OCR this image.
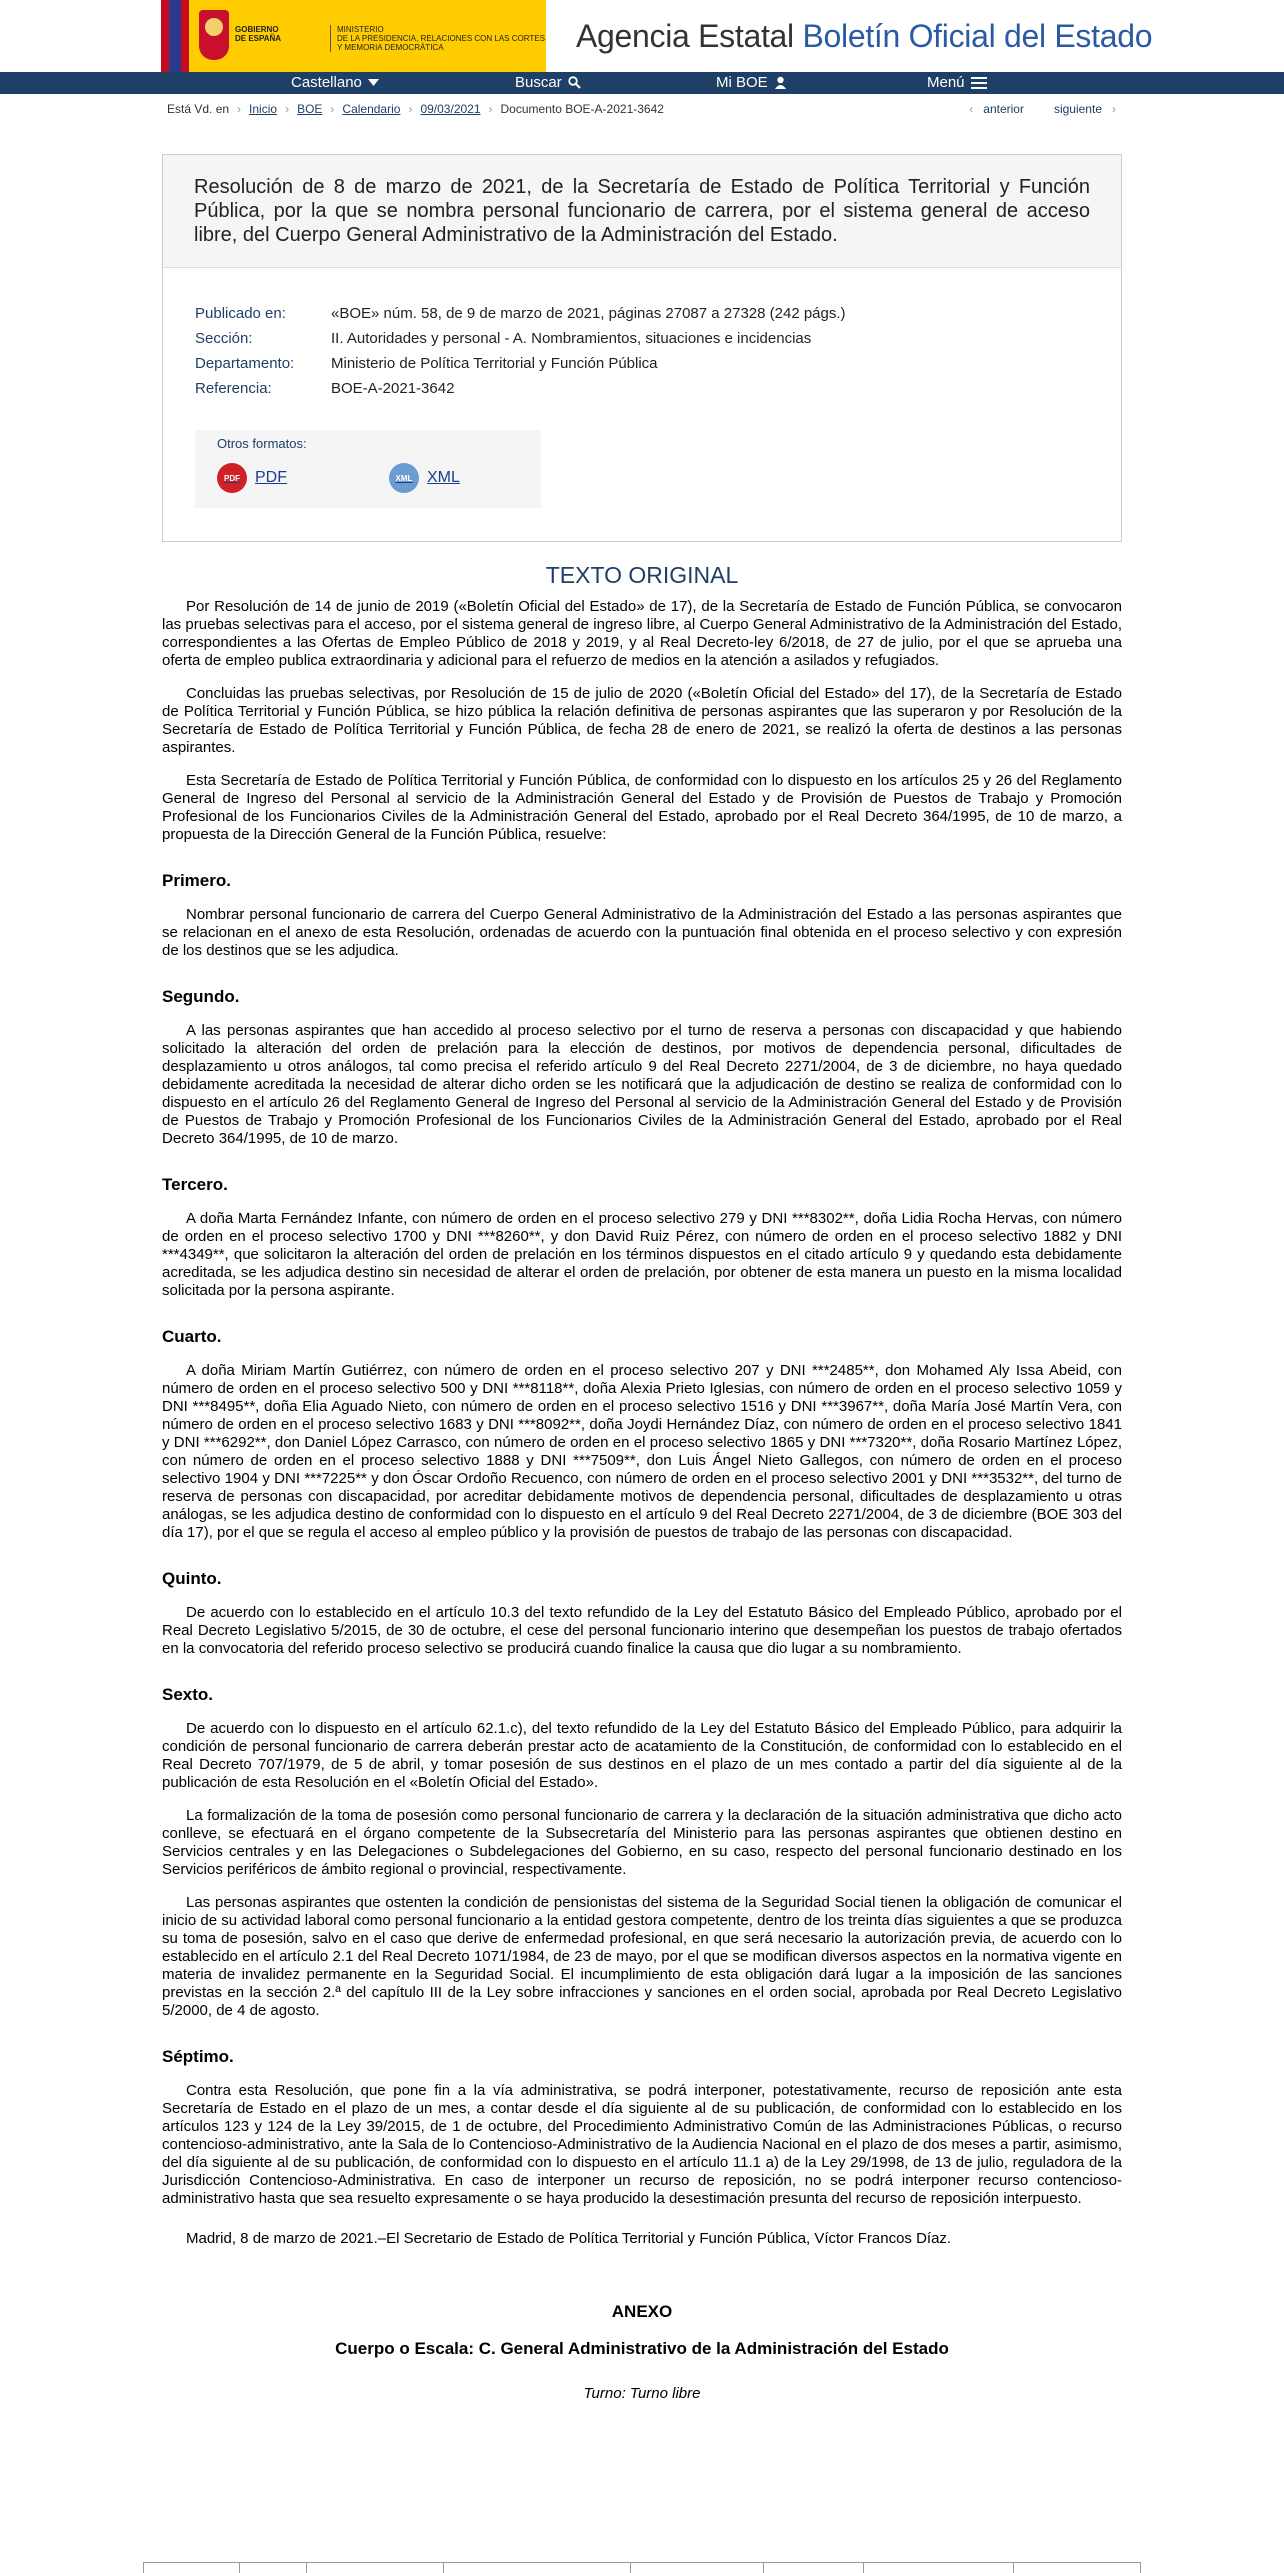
GOBIERNO
DE ESPAÑA
MINISTERIO
DE LA PRESIDENCIA, RELACIONES CON LAS CORTES
Y MEMORIA DEMOCRÁTICA	Agencia Estatal Boletín Oficial del Estado
Castellano	Buscar	Mi BOE	Menú
Está Vd. en › Inicio › BOE › Calendario › 09/03/2021 › Documento BOE-A-2021-3642	‹ anterior	siguiente ›
Resolución de 8 de marzo de 2021, de la Secretaría de Estado de Política Territorial y Función Pública, por la que se nombra personal funcionario de carrera, por el sistema general de acceso libre, del Cuerpo General Administrativo de la Administración del Estado.
Publicado en:	«BOE» núm. 58, de 9 de marzo de 2021, páginas 27087 a 27328 (242 págs.)
Sección:	II. Autoridades y personal - A. Nombramientos, situaciones e incidencias
Departamento:	Ministerio de Política Territorial y Función Pública
Referencia:	BOE-A-2021-3642
Otros formatos:
PDF PDF	XML XML
TEXTO ORIGINAL

Por Resolución de 14 de junio de 2019 («Boletín Oficial del Estado» de 17), de la Secretaría de Estado de Función Pública, se convocaron las pruebas selectivas para el acceso, por el sistema general de ingreso libre, al Cuerpo General Administrativo de la Administración del Estado, correspondientes a las Ofertas de Empleo Público de 2018 y 2019, y al Real Decreto-ley 6/2018, de 27 de julio, por el que se aprueba una oferta de empleo publica extraordinaria y adicional para el refuerzo de medios en la atención a asilados y refugiados.

Concluidas las pruebas selectivas, por Resolución de 15 de julio de 2020 («Boletín Oficial del Estado» del 17), de la Secretaría de Estado de Política Territorial y Función Pública, se hizo pública la relación definitiva de personas aspirantes que las superaron y por Resolución de la Secretaría de Estado de Política Territorial y Función Pública, de fecha 28 de enero de 2021, se realizó la oferta de destinos a las personas aspirantes.

Esta Secretaría de Estado de Política Territorial y Función Pública, de conformidad con lo dispuesto en los artículos 25 y 26 del Reglamento General de Ingreso del Personal al servicio de la Administración General del Estado y de Provisión de Puestos de Trabajo y Promoción Profesional de los Funcionarios Civiles de la Administración General del Estado, aprobado por el Real Decreto 364/1995, de 10 de marzo, a propuesta de la Dirección General de la Función Pública, resuelve:

Primero.

Nombrar personal funcionario de carrera del Cuerpo General Administrativo de la Administración del Estado a las personas aspirantes que se relacionan en el anexo de esta Resolución, ordenadas de acuerdo con la puntuación final obtenida en el proceso selectivo y con expresión de los destinos que se les adjudica.

Segundo.

A las personas aspirantes que han accedido al proceso selectivo por el turno de reserva a personas con discapacidad y que habiendo solicitado la alteración del orden de prelación para la elección de destinos, por motivos de dependencia personal, dificultades de desplazamiento u otros análogos, tal como precisa el referido artículo 9 del Real Decreto 2271/2004, de 3 de diciembre, no haya quedado debidamente acreditada la necesidad de alterar dicho orden se les notificará que la adjudicación de destino se realiza de conformidad con lo dispuesto en el artículo 26 del Reglamento General de Ingreso del Personal al servicio de la Administración General del Estado y de Provisión de Puestos de Trabajo y Promoción Profesional de los Funcionarios Civiles de la Administración General del Estado, aprobado por el Real Decreto 364/1995, de 10 de marzo.

Tercero.

A doña Marta Fernández Infante, con número de orden en el proceso selectivo 279 y DNI ***8302**, doña Lidia Rocha Hervas, con número de orden en el proceso selectivo 1700 y DNI ***8260**, y don David Ruiz Pérez, con número de orden en el proceso selectivo 1882 y DNI ***4349**, que solicitaron la alteración del orden de prelación en los términos dispuestos en el citado artículo 9 y quedando esta debidamente acreditada, se les adjudica destino sin necesidad de alterar el orden de prelación, por obtener de esta manera un puesto en la misma localidad solicitada por la persona aspirante.

Cuarto.

A doña Miriam Martín Gutiérrez, con número de orden en el proceso selectivo 207 y DNI ***2485**, don Mohamed Aly Issa Abeid, con número de orden en el proceso selectivo 500 y DNI ***8118**, doña Alexia Prieto Iglesias, con número de orden en el proceso selectivo 1059 y DNI ***8495**, doña Elia Aguado Nieto, con número de orden en el proceso selectivo 1516 y DNI ***3967**, doña María José Martín Vera, con número de orden en el proceso selectivo 1683 y DNI ***8092**, doña Joydi Hernández Díaz, con número de orden en el proceso selectivo 1841 y DNI ***6292**, don Daniel López Carrasco, con número de orden en el proceso selectivo 1865 y DNI ***7320**, doña Rosario Martínez López, con número de orden en el proceso selectivo 1888 y DNI ***7509**, don Luis Ángel Nieto Gallegos, con número de orden en el proceso selectivo 1904 y DNI ***7225** y don Óscar Ordoño Recuenco, con número de orden en el proceso selectivo 2001 y DNI ***3532**, del turno de reserva de personas con discapacidad, por acreditar debidamente motivos de dependencia personal, dificultades de desplazamiento u otras análogas, se les adjudica destino de conformidad con lo dispuesto en el artículo 9 del Real Decreto 2271/2004, de 3 de diciembre (BOE 303 del día 17), por el que se regula el acceso al empleo público y la provisión de puestos de trabajo de las personas con discapacidad.

Quinto.

De acuerdo con lo establecido en el artículo 10.3 del texto refundido de la Ley del Estatuto Básico del Empleado Público, aprobado por el Real Decreto Legislativo 5/2015, de 30 de octubre, el cese del personal funcionario interino que desempeñan los puestos de trabajo ofertados en la convocatoria del referido proceso selectivo se producirá cuando finalice la causa que dio lugar a su nombramiento.

Sexto.

De acuerdo con lo dispuesto en el artículo 62.1.c), del texto refundido de la Ley del Estatuto Básico del Empleado Público, para adquirir la condición de personal funcionario de carrera deberán prestar acto de acatamiento de la Constitución, de conformidad con lo establecido en el Real Decreto 707/1979, de 5 de abril, y tomar posesión de sus destinos en el plazo de un mes contado a partir del día siguiente al de la publicación de esta Resolución en el «Boletín Oficial del Estado».

La formalización de la toma de posesión como personal funcionario de carrera y la declaración de la situación administrativa que dicho acto conlleve, se efectuará en el órgano competente de la Subsecretaría del Ministerio para las personas aspirantes que obtienen destino en Servicios centrales y en las Delegaciones o Subdelegaciones del Gobierno, en su caso, respecto del personal funcionario destinado en los Servicios periféricos de ámbito regional o provincial, respectivamente.

Las personas aspirantes que ostenten la condición de pensionistas del sistema de la Seguridad Social tienen la obligación de comunicar el inicio de su actividad laboral como personal funcionario a la entidad gestora competente, dentro de los treinta días siguientes a que se produzca su toma de posesión, salvo en el caso que derive de enfermedad profesional, en que será necesario la autorización previa, de acuerdo con lo establecido en el artículo 2.1 del Real Decreto 1071/1984, de 23 de mayo, por el que se modifican diversos aspectos en la normativa vigente en materia de invalidez permanente en la Seguridad Social. El incumplimiento de esta obligación dará lugar a la imposición de las sanciones previstas en la sección 2.ª del capítulo III de la Ley sobre infracciones y sanciones en el orden social, aprobada por Real Decreto Legislativo 5/2000, de 4 de agosto.

Séptimo.

Contra esta Resolución, que pone fin a la vía administrativa, se podrá interponer, potestativamente, recurso de reposición ante esta Secretaría de Estado en el plazo de un mes, a contar desde el día siguiente al de su publicación, de conformidad con lo establecido en los artículos 123 y 124 de la Ley 39/2015, de 1 de octubre, del Procedimiento Administrativo Común de las Administraciones Públicas, o recurso contencioso-administrativo, ante la Sala de lo Contencioso-Administrativo de la Audiencia Nacional en el plazo de dos meses a partir, asimismo, del día siguiente al de su publicación, de conformidad con lo dispuesto en el artículo 11.1 a) de la Ley 29/1998, de 13 de julio, reguladora de la Jurisdicción Contencioso-Administrativa. En caso de interponer un recurso de reposición, no se podrá interponer recurso contencioso-administrativo hasta que sea resuelto expresamente o se haya producido la desestimación presunta del recurso de reposición interpuesto.

Madrid, 8 de marzo de 2021.–El Secretario de Estado de Política Territorial y Función Pública, Víctor Francos Díaz.

ANEXO
Cuerpo o Escala: C. General Administrativo de la Administración del Estado
Turno: Turno libre
